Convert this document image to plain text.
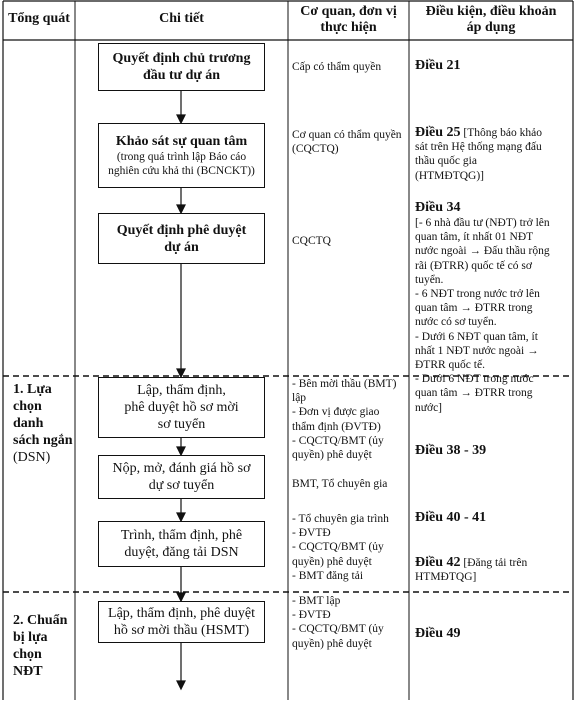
Tổng quát	Chi tiết	Cơ quan, đơn vị
thực hiện
Điều kiện, điều khoản
áp dụng
1. Lựa
chọn danh
sách ngắn
(DSN)
2. Chuẩn
bị lựa chọn
NĐT
Quyết định chủ trương
đầu tư dự án
Khảo sát sự quan tâm
(trong quá trình lập Báo cáo
nghiên cứu khả thi (BCNCKT))
Quyết định phê duyệt
dự án
Lập, thẩm định,
phê duyệt hồ sơ mời
sơ tuyển
Nộp, mở, đánh giá hồ sơ
dự sơ tuyển
Trình, thẩm định, phê
duyệt, đăng tải DSN
Lập, thẩm định, phê duyệt
hồ sơ mời thầu (HSMT)
Cấp có thẩm quyền
Cơ quan có thẩm quyền
(CQCTQ)
CQCTQ
- Bên mời thầu (BMT)
lập
- Đơn vị được giao
thẩm định (ĐVTĐ)
- CQCTQ/BMT (ủy
quyền) phê duyệt
BMT, Tổ chuyên gia
- Tổ chuyên gia trình
- ĐVTĐ
- CQCTQ/BMT (ủy
quyền) phê duyệt
- BMT đăng tải
- BMT lập
- ĐVTĐ
- CQCTQ/BMT (ủy
quyền) phê duyệt
Điều 21
Điều 25 [Thông báo khảo
sát trên Hệ thống mạng đấu
thầu quốc gia
(HTMĐTQG)]
Điều 34
[- 6 nhà đầu tư (NĐT) trở lên
quan tâm, ít nhất 01 NĐT
nước ngoài → Đấu thầu rộng
rãi (ĐTRR) quốc tế có sơ
tuyển.
- 6 NĐT trong nước trở lên
quan tâm → ĐTRR trong
nước có sơ tuyển.
- Dưới 6 NĐT quan tâm, ít
nhất 1 NĐT nước ngoài →
ĐTRR quốc tế.
- Dưới 6 NĐT trong nước
quan tâm → ĐTRR trong
nước]
Điều 38 - 39
Điều 40 - 41
Điều 42 [Đăng tải trên
HTMĐTQG]
Điều 49
